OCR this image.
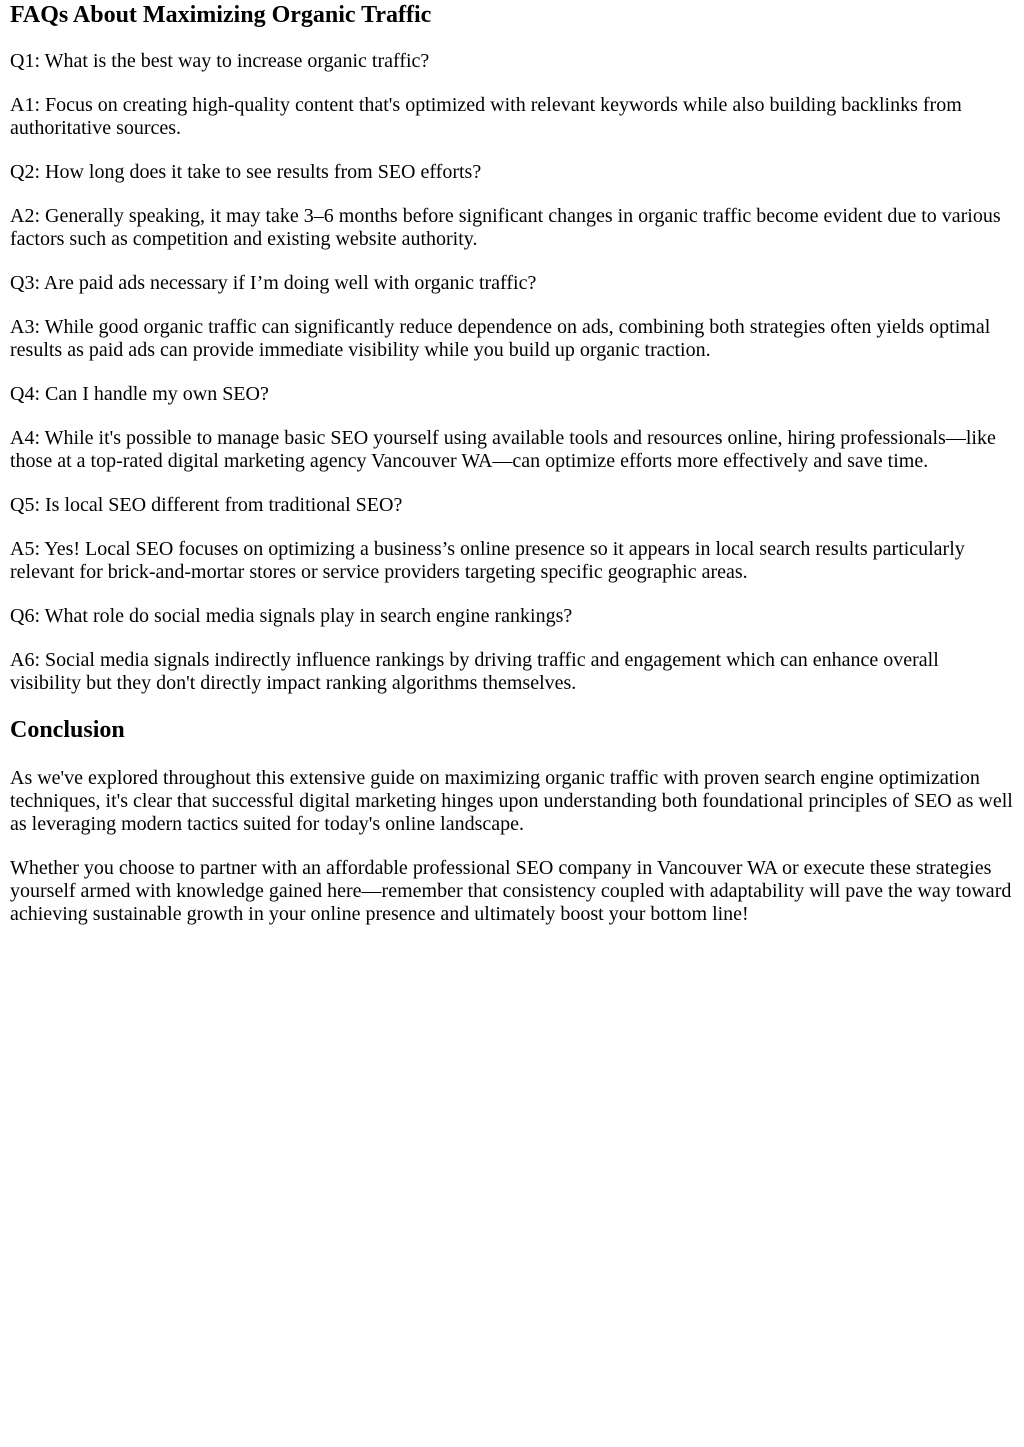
FAQs About Maximizing Organic Traffic

Q1: What is the best way to increase organic traffic?

A1: Focus on creating high-quality content that's optimized with relevant keywords while also building backlinks from authoritative sources.

Q2: How long does it take to see results from SEO efforts?

A2: Generally speaking, it may take 3–6 months before significant changes in organic traffic become evident due to various factors such as competition and existing website authority.

Q3: Are paid ads necessary if I’m doing well with organic traffic?

A3: While good organic traffic can significantly reduce dependence on ads, combining both strategies often yields optimal results as paid ads can provide immediate visibility while you build up organic traction.

Q4: Can I handle my own SEO?

A4: While it's possible to manage basic SEO yourself using available tools and resources online, hiring professionals—like those at a top-rated digital marketing agency Vancouver WA—can optimize efforts more effectively and save time.

Q5: Is local SEO different from traditional SEO?

A5: Yes! Local SEO focuses on optimizing a business’s online presence so it appears in local search results particularly relevant for brick-and-mortar stores or service providers targeting specific geographic areas.

Q6: What role do social media signals play in search engine rankings?

A6: Social media signals indirectly influence rankings by driving traffic and engagement which can enhance overall visibility but they don't directly impact ranking algorithms themselves.

Conclusion

As we've explored throughout this extensive guide on maximizing organic traffic with proven search engine optimization techniques, it's clear that successful digital marketing hinges upon understanding both foundational principles of SEO as well as leveraging modern tactics suited for today's online landscape.

Whether you choose to partner with an affordable professional SEO company in Vancouver WA or execute these strategies yourself armed with knowledge gained here—remember that consistency coupled with adaptability will pave the way toward achieving sustainable growth in your online presence and ultimately boost your bottom line!
